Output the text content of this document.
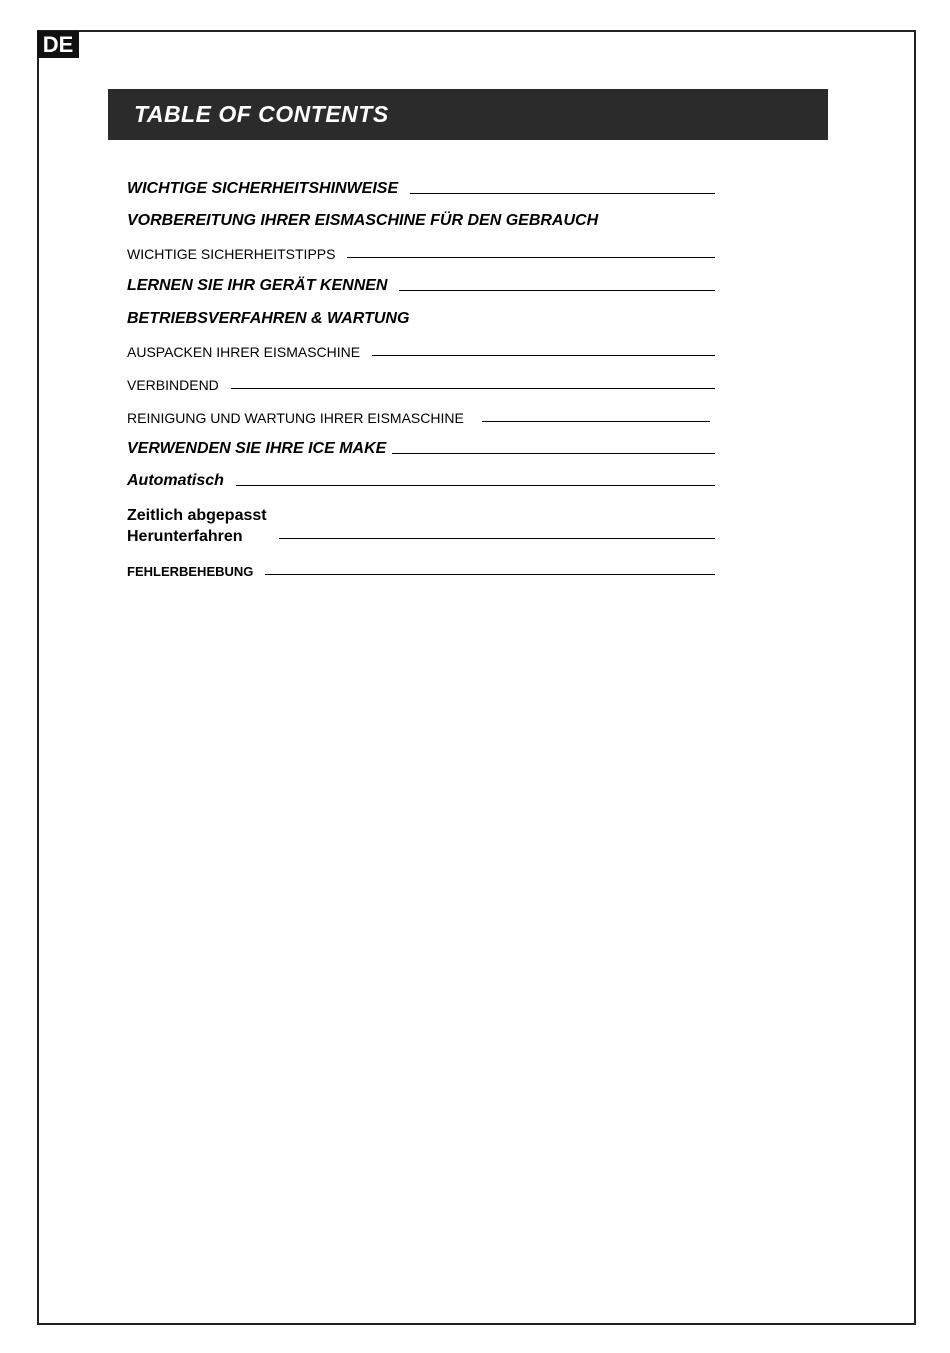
DE
TABLE OF CONTENTS
WICHTIGE SICHERHEITSHINWEISE
VORBEREITUNG IHRER EISMASCHINE FÜR DEN GEBRAUCH
WICHTIGE SICHERHEITSTIPPS
LERNEN SIE IHR GERÄT KENNEN
BETRIEBSVERFAHREN & WARTUNG
AUSPACKEN IHRER EISMASCHINE
VERBINDEND
REINIGUNG UND WARTUNG IHRER EISMASCHINE
VERWENDEN SIE IHRE ICE MAKE
Automatisch
Zeitlich abgepasst
Herunterfahren
FEHLERBEHEBUNG
